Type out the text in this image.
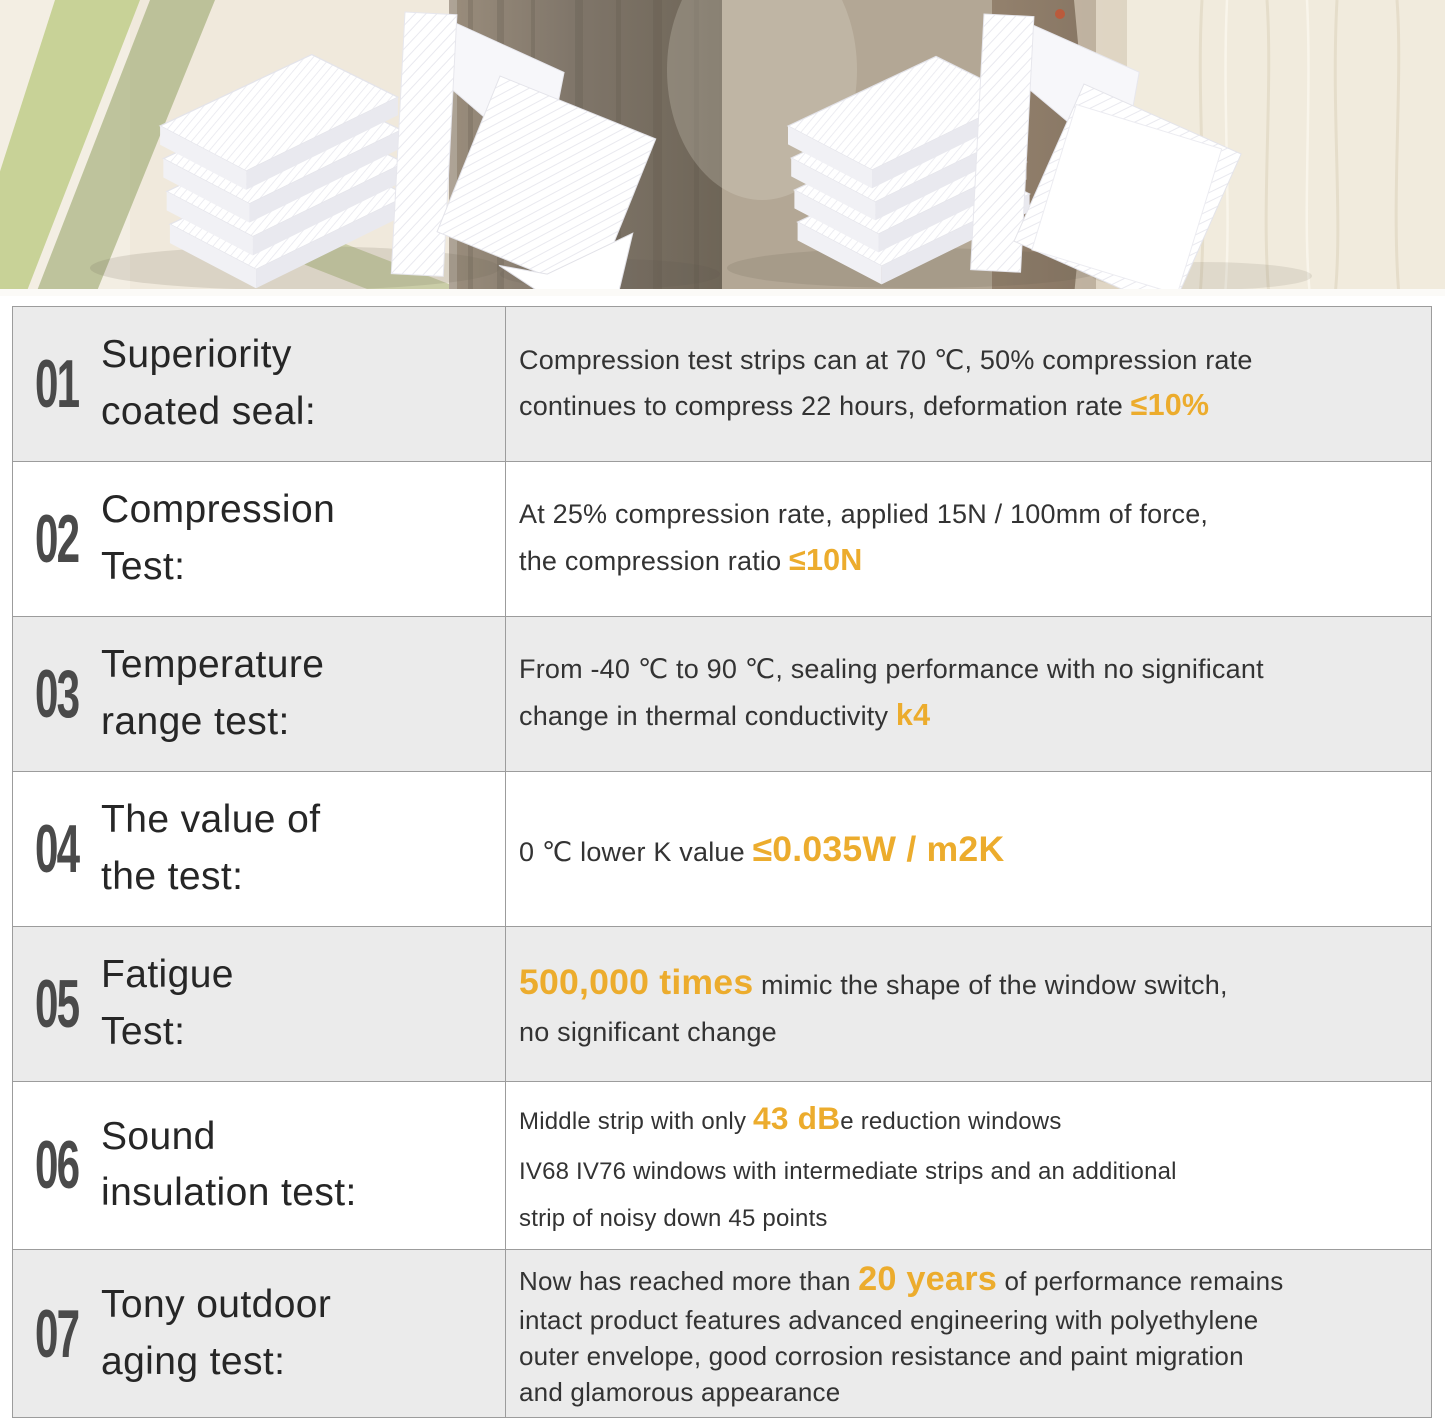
01 Superiority
coated seal:
Compression test strips can at 70 ℃, 50% compression rate
continues to compress 22 hours, deformation rate ≤10%
02 Compression
Test:
At 25% compression rate, applied 15N / 100mm of force,
the compression ratio ≤10N
03 Temperature
range test:
From -40 ℃ to 90 ℃, sealing performance with no significant
change in thermal conductivity k4
04 The value of
the test:
0 ℃ lower K value ≤0.035W / m2K
05 Fatigue
Test:
500,000 times mimic the shape of the window switch,
no significant change
06 Sound
insulation test:
Middle strip with only 43 dBe reduction windows
IV68 IV76 windows with intermediate strips and an additional
strip of noisy down 45 points
07 Tony outdoor
aging test:
Now has reached more than 20 years of performance remains
intact product features advanced engineering with polyethylene
outer envelope, good corrosion resistance and paint migration
and glamorous appearance
